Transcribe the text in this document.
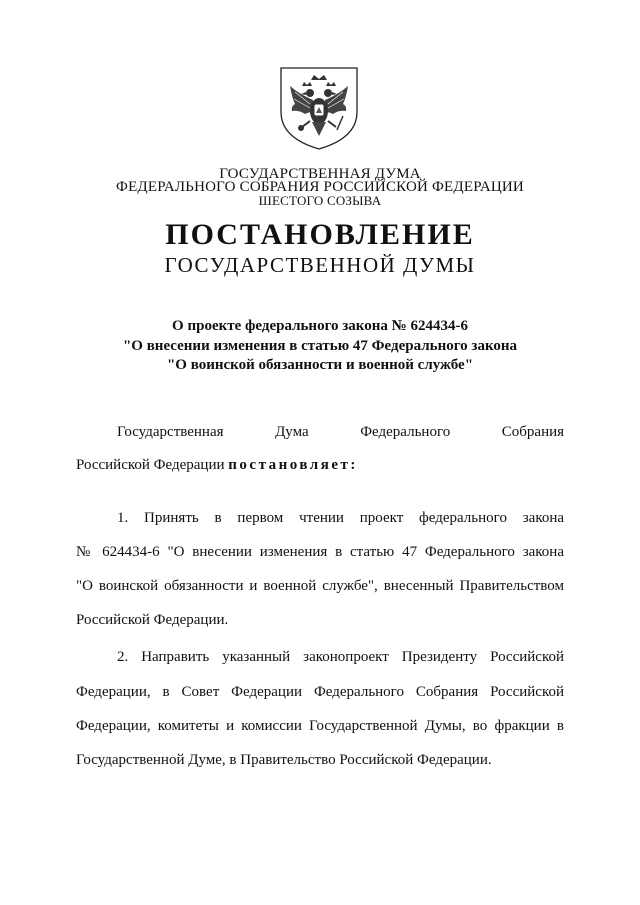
ГОСУДАРСТВЕННАЯ ДУМА
ФЕДЕРАЛЬНОГО СОБРАНИЯ РОССИЙСКОЙ ФЕДЕРАЦИИ
ШЕСТОГО СОЗЫВА
ПОСТАНОВЛЕНИЕ
ГОСУДАРСТВЕННОЙ ДУМЫ
О проекте федерального закона № 624434-6
"О внесении изменения в статью 47 Федерального закона
"О воинской обязанности и военной службе"
Государственная	Дума	Федерального	Собрания
Российской Федерации постановляет:
1. Принять в первом чтении проект федерального закона
№ 624434-6 "О внесении изменения в статью 47 Федерального закона
"О воинской обязанности и военной службе", внесенный Правительством
Российской Федерации.
2. Направить указанный законопроект Президенту Российской
Федерации, в Совет Федерации Федерального Собрания Российской
Федерации, комитеты и комиссии Государственной Думы, во фракции в
Государственной Думе, в Правительство Российской Федерации.
